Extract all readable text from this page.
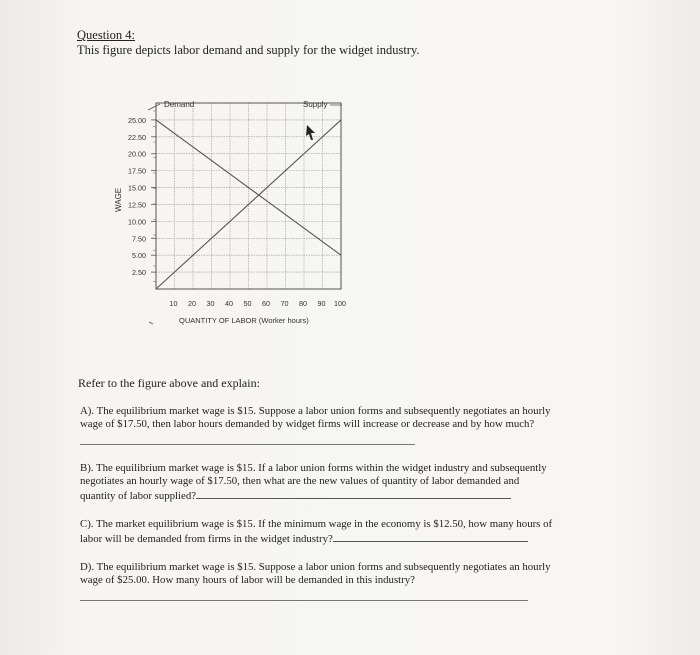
Question 4:
This figure depicts labor demand and supply for the widget industry.
25.00
22.50
20.00
17.50
15.00
12.50
10.00
7.50
5.00
2.50
10 20 30 40 50 60 70 80 90 100
Demand	Supply
WAGE
QUANTITY OF LABOR (Worker hours)
Refer to the figure above and explain:
A). The equilibrium market wage is $15. Suppose a labor union forms and subsequently negotiates an hourly
wage of $17.50, then labor hours demanded by widget firms will increase or decrease and by how much?
B). The equilibrium market wage is $15. If a labor union forms within the widget industry and subsequently
negotiates an hourly wage of $17.50, then what are the new values of quantity of labor demanded and
quantity of labor supplied?
C). The market equilibrium wage is $15. If the minimum wage in the economy is $12.50, how many hours of
labor will be demanded from firms in the widget industry?
D). The equilibrium market wage is $15. Suppose a labor union forms and subsequently negotiates an hourly
wage of $25.00. How many hours of labor will be demanded in this industry?
